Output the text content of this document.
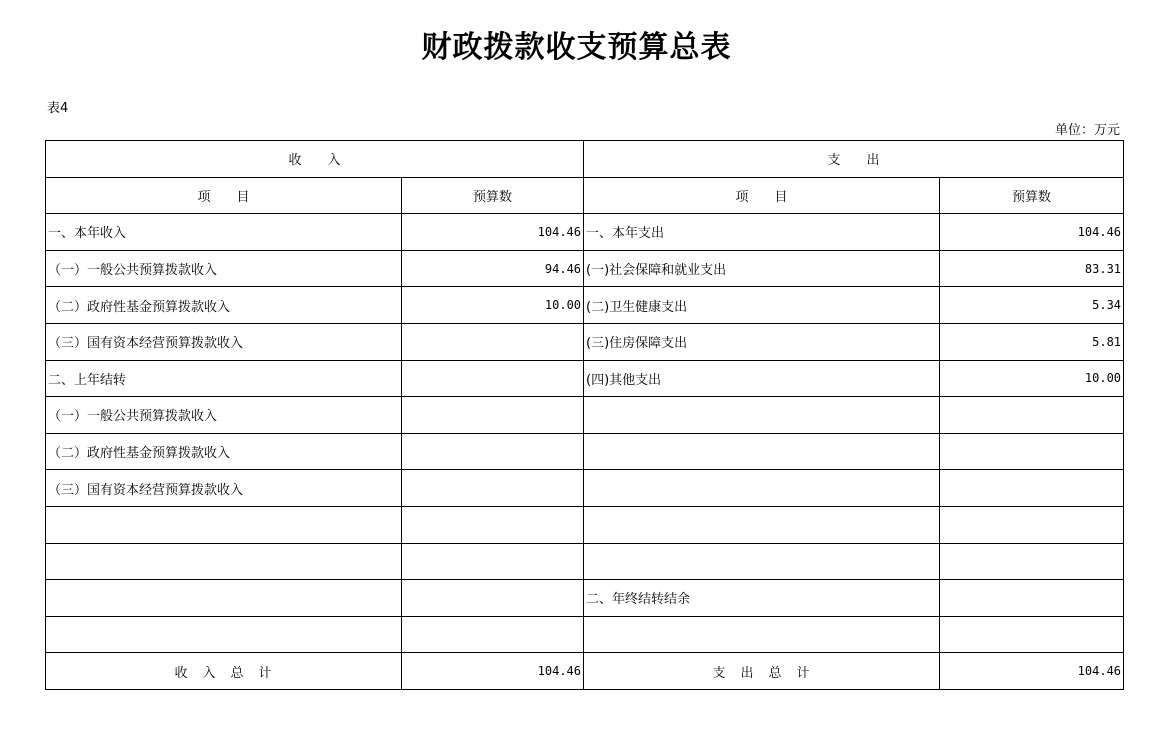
财政拨款收支预算总表
表4
单位：万元
收　　入		支　　出	
项　　目	预算数	项　　目	预算数
一、本年收入	104.46	一、本年支出	104.46
（一）一般公共预算拨款收入	94.46	(一)社会保障和就业支出	83.31
（二）政府性基金预算拨款收入	10.00	(二)卫生健康支出	5.34
（三）国有资本经营预算拨款收入		(三)住房保障支出	5.81
二、上年结转		(四)其他支出	10.00
（一）一般公共预算拨款收入			
（二）政府性基金预算拨款收入			
（三）国有资本经营预算拨款收入			

		二、年终结转结余	

收　入　总　计	104.46	支　出　总　计	104.46
